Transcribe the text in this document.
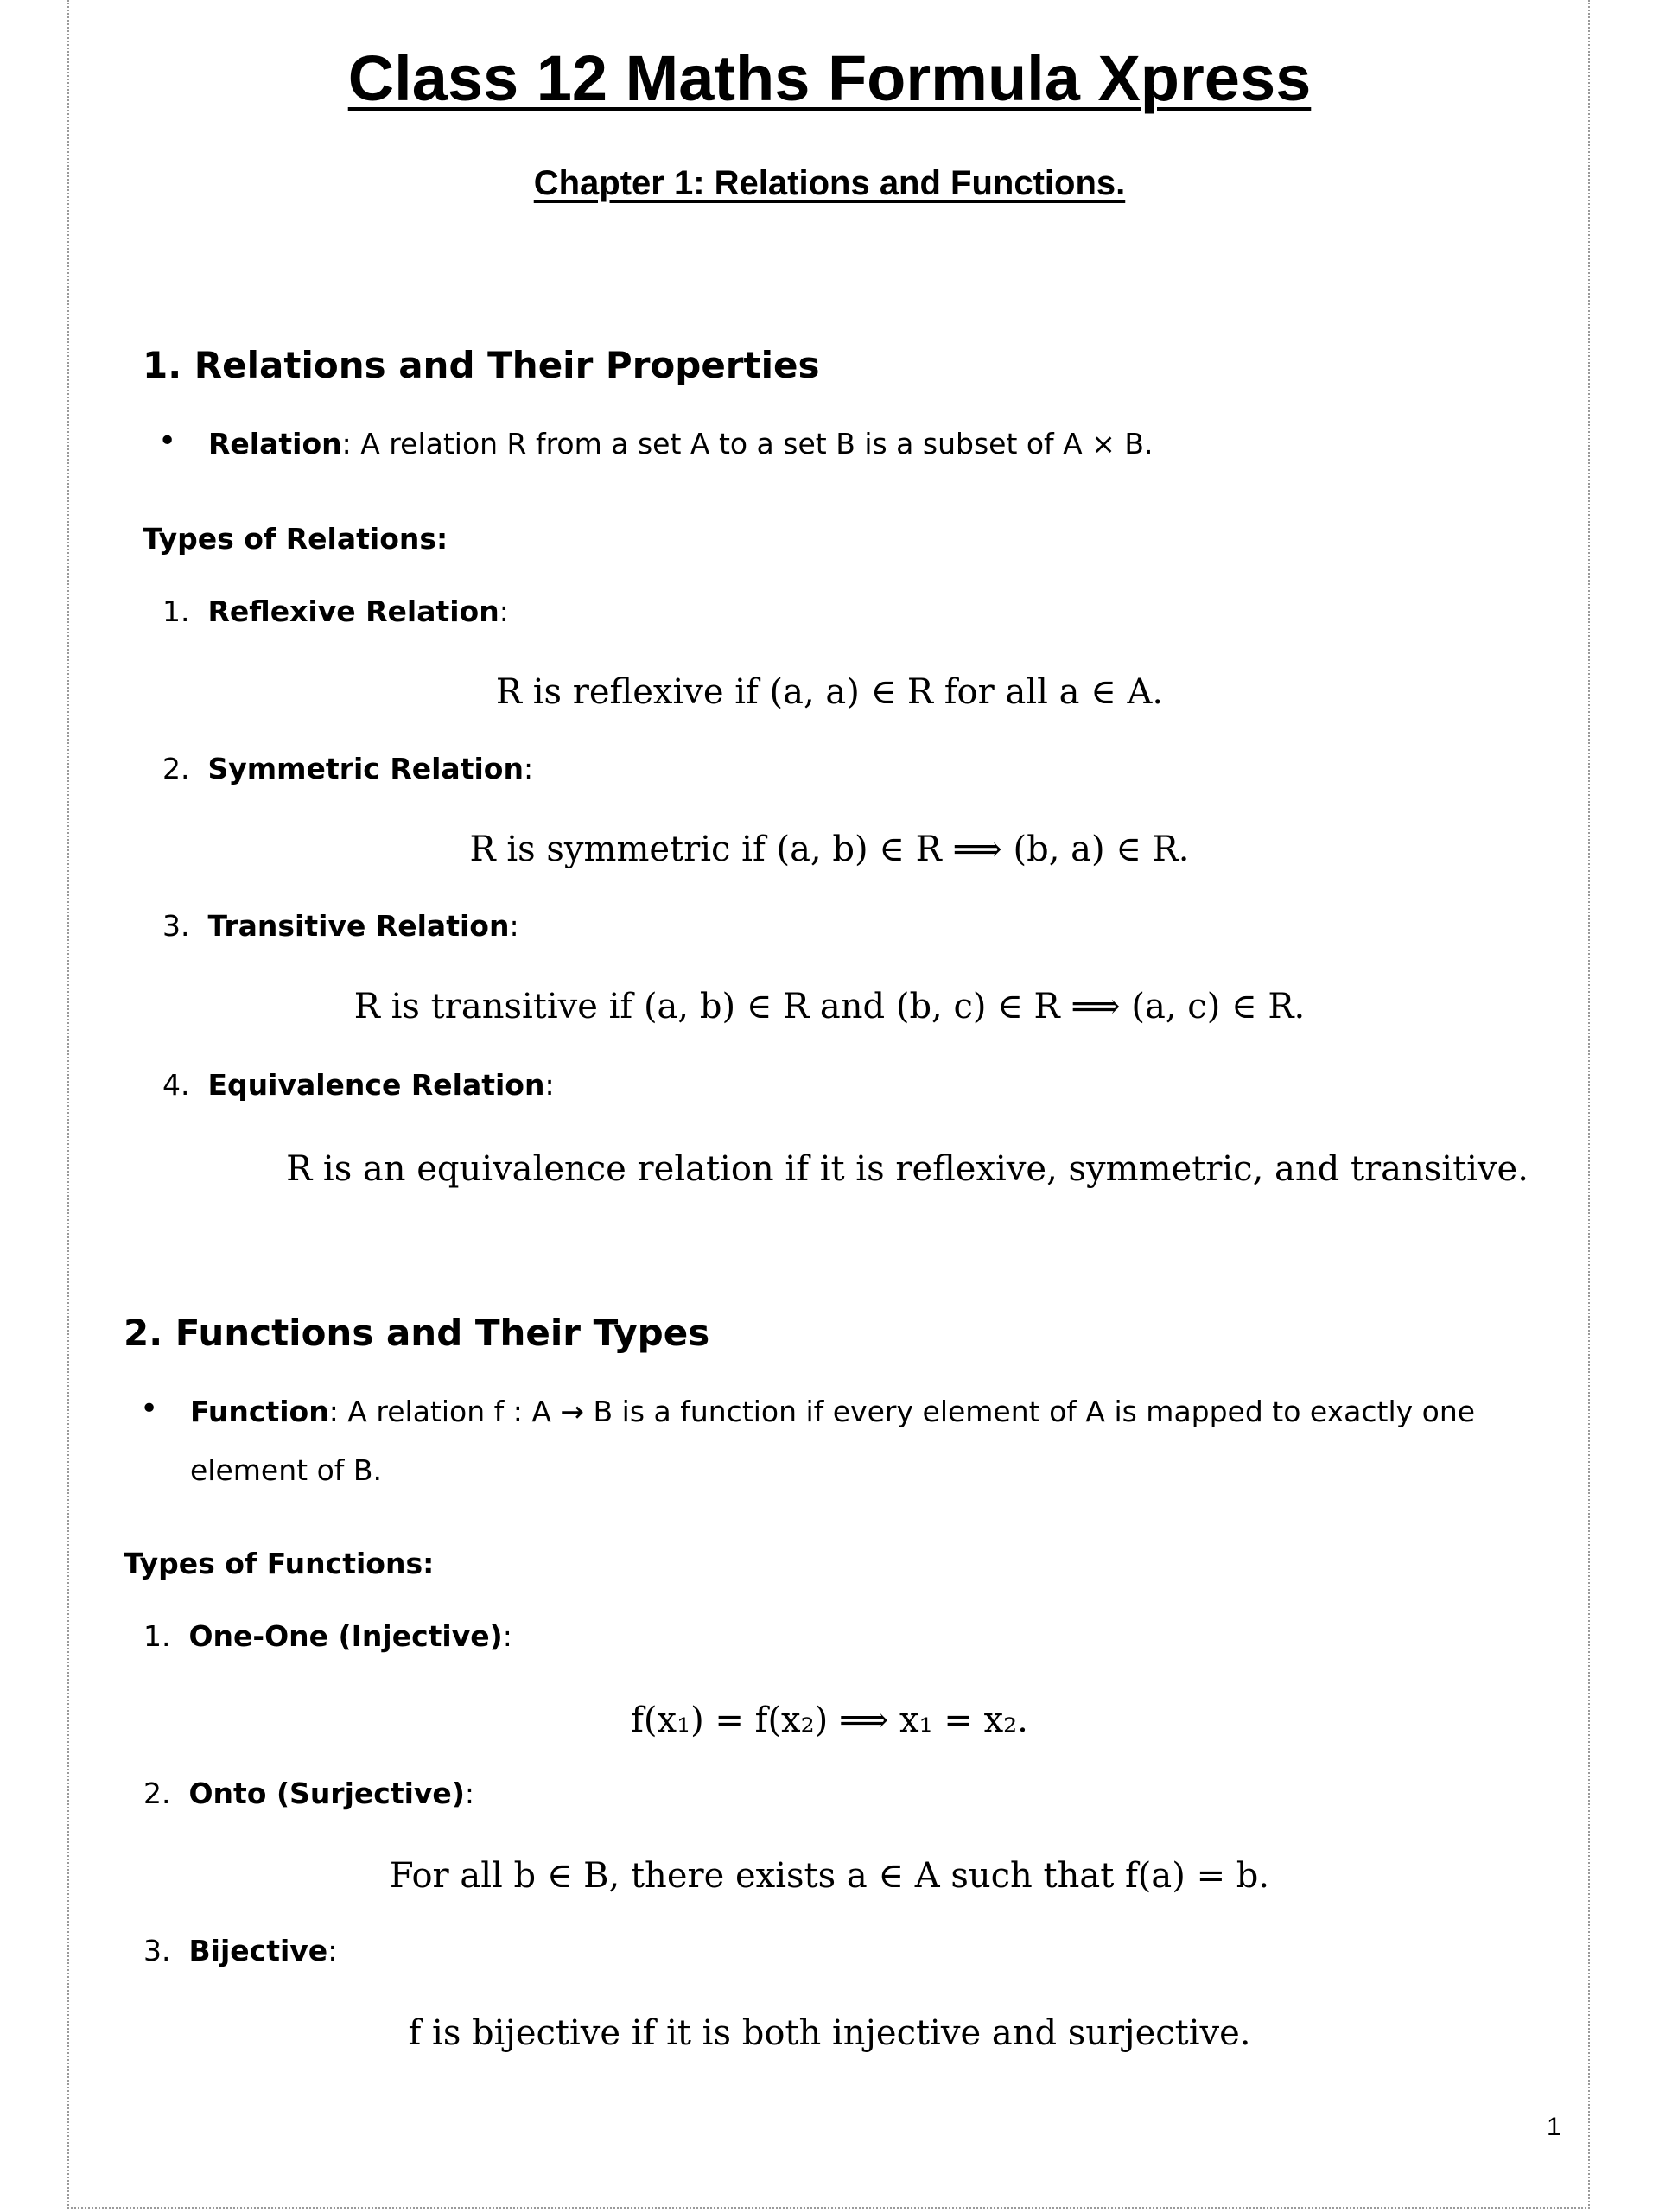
Class 12 Maths Formula Xpress
Chapter 1: Relations and Functions.
1. Relations and Their Properties
• Relation: A relation R from a set A to a set B is a subset of A × B.
Types of Relations:
1. Reflexive Relation:
R is reflexive if (a, a) ∈ R for all a ∈ A.
2. Symmetric Relation:
R is symmetric if (a, b) ∈ R ⟹ (b, a) ∈ R.
3. Transitive Relation:
R is transitive if (a, b) ∈ R and (b, c) ∈ R ⟹ (a, c) ∈ R.
4. Equivalence Relation:
R is an equivalence relation if it is reflexive, symmetric, and transitive.
2. Functions and Their Types
• Function: A relation f : A → B is a function if every element of A is mapped to exactly one
element of B.
Types of Functions:
1. One-One (Injective):
f(x₁) = f(x₂) ⟹ x₁ = x₂.
2. Onto (Surjective):
For all b ∈ B, there exists a ∈ A such that f(a) = b.
3. Bijective:
f is bijective if it is both injective and surjective.
1
